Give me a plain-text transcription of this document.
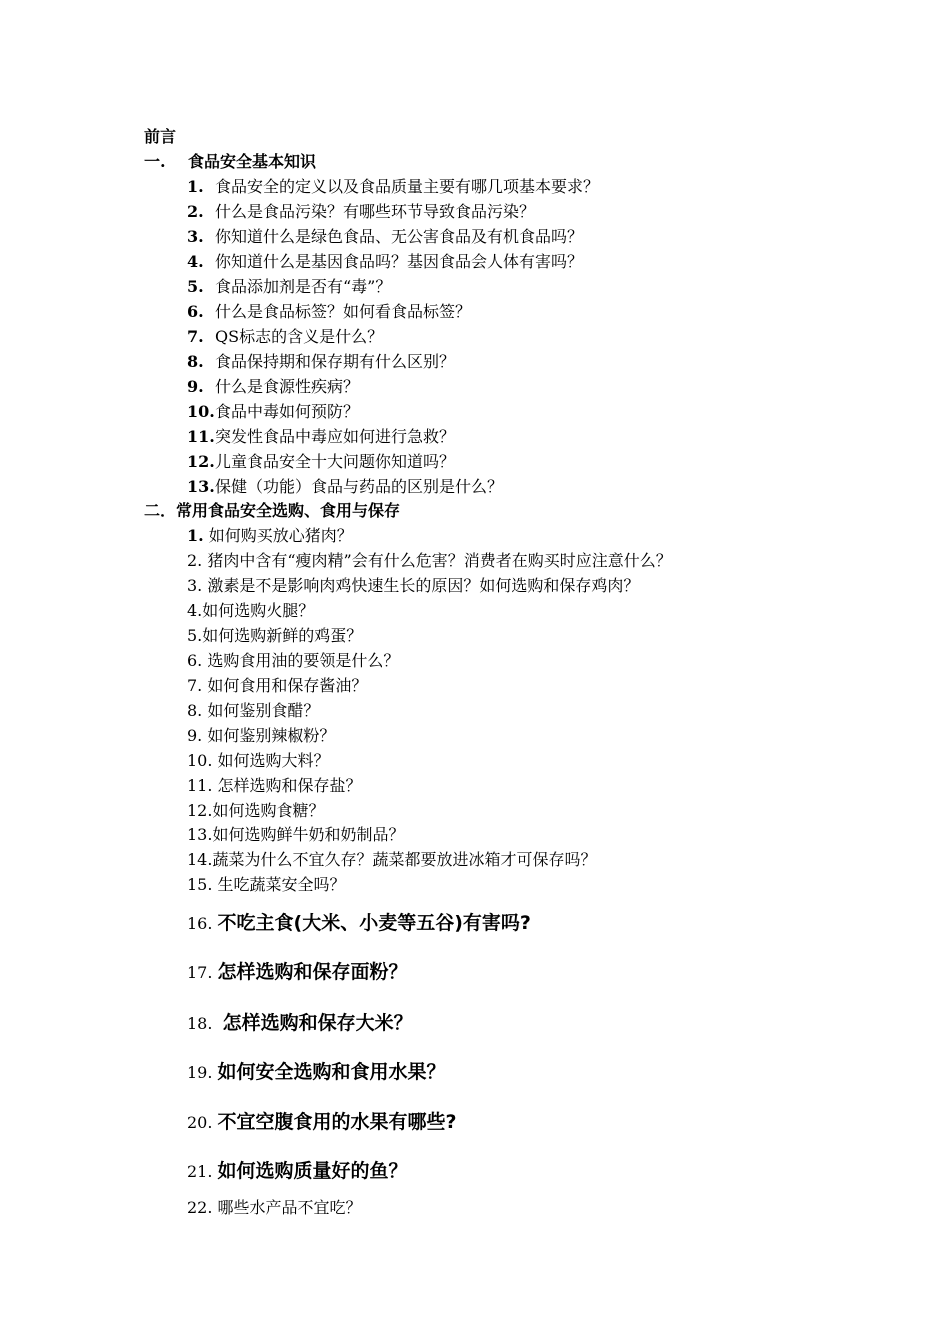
前言
一. 食品安全基本知识
1. 食品安全的定义以及食品质量主要有哪几项基本要求？
2. 什么是食品污染？有哪些环节导致食品污染？
3. 你知道什么是绿色食品、无公害食品及有机食品吗？
4. 你知道什么是基因食品吗？基因食品会人体有害吗？
5. 食品添加剂是否有“毒”？
6. 什么是食品标签？如何看食品标签？
7. QS标志的含义是什么？
8. 食品保持期和保存期有什么区别？
9. 什么是食源性疾病？
10.食品中毒如何预防？
11.突发性食品中毒应如何进行急救？
12.儿童食品安全十大问题你知道吗？
13.保健（功能）食品与药品的区别是什么？
二．常用食品安全选购、食用与保存
1. 如何购买放心猪肉？
2. 猪肉中含有“瘦肉精”会有什么危害？消费者在购买时应注意什么？
3. 激素是不是影响肉鸡快速生长的原因？如何选购和保存鸡肉？
4.如何选购火腿？
5.如何选购新鲜的鸡蛋？
6. 选购食用油的要领是什么？
7. 如何食用和保存酱油？
8. 如何鉴别食醋？
9. 如何鉴别辣椒粉？
10. 如何选购大料？
11. 怎样选购和保存盐？
12.如何选购食糖？
13.如何选购鲜牛奶和奶制品？
14.蔬菜为什么不宜久存？蔬菜都要放进冰箱才可保存吗？
15. 生吃蔬菜安全吗？
16. 不吃主食(大米、小麦等五谷)有害吗?
17. 怎样选购和保存面粉？
18. 怎样选购和保存大米？
19. 如何安全选购和食用水果？
20. 不宜空腹食用的水果有哪些?
21. 如何选购质量好的鱼？
22. 哪些水产品不宜吃？
